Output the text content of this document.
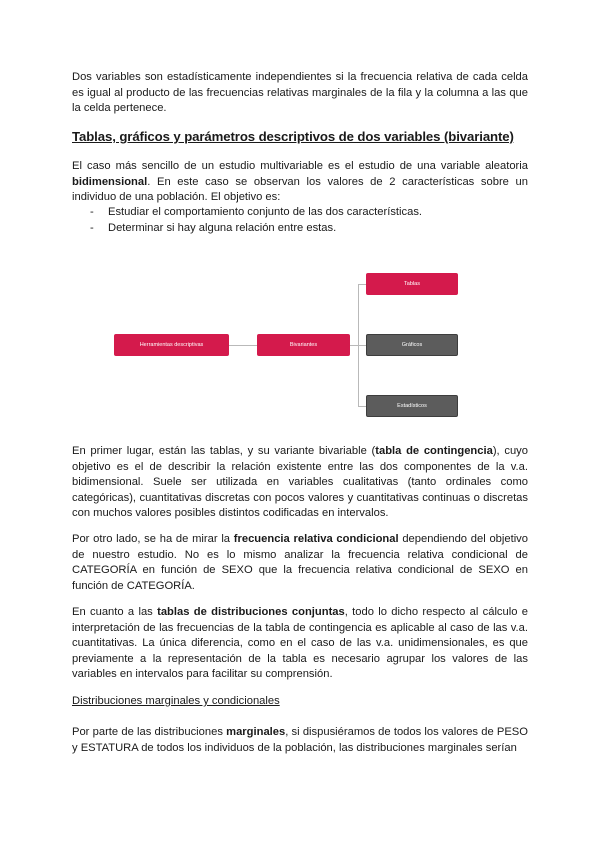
Dos variables son estadísticamente independientes si la frecuencia relativa de cada celda es igual al producto de las frecuencias relativas marginales de la fila y la columna a las que la celda pertenece.

Tablas, gráficos y parámetros descriptivos de dos variables (bivariante)

El caso más sencillo de un estudio multivariable es el estudio de una variable aleatoria bidimensional. En este caso se observan los valores de 2 características sobre un individuo de una población. El objetivo es:

- Estudiar el comportamiento conjunto de las dos características.
- Determinar si hay alguna relación entre estas.
Herramientas descriptivas	Bivariantes
Tablas
Gráficos
Estadísticos

En primer lugar, están las tablas, y su variante bivariable (tabla de contingencia), cuyo objetivo es el de describir la relación existente entre las dos componentes de la v.a. bidimensional. Suele ser utilizada en variables cualitativas (tanto ordinales como categóricas), cuantitativas discretas con pocos valores y cuantitativas continuas o discretas con muchos valores posibles distintos codificadas en intervalos.

Por otro lado, se ha de mirar la frecuencia relativa condicional dependiendo del objetivo de nuestro estudio. No es lo mismo analizar la frecuencia relativa condicional de CATEGORÍA en función de SEXO que la frecuencia relativa condicional de SEXO en función de CATEGORÍA.

En cuanto a las tablas de distribuciones conjuntas, todo lo dicho respecto al cálculo e interpretación de las frecuencias de la tabla de contingencia es aplicable al caso de las v.a. cuantitativas. La única diferencia, como en el caso de las v.a. unidimensionales, es que previamente a la representación de la tabla es necesario agrupar los valores de las variables en intervalos para facilitar su comprensión.

Distribuciones marginales y condicionales

Por parte de las distribuciones marginales, si dispusiéramos de todos los valores de PESO y ESTATURA de todos los individuos de la población, las distribuciones marginales serían
